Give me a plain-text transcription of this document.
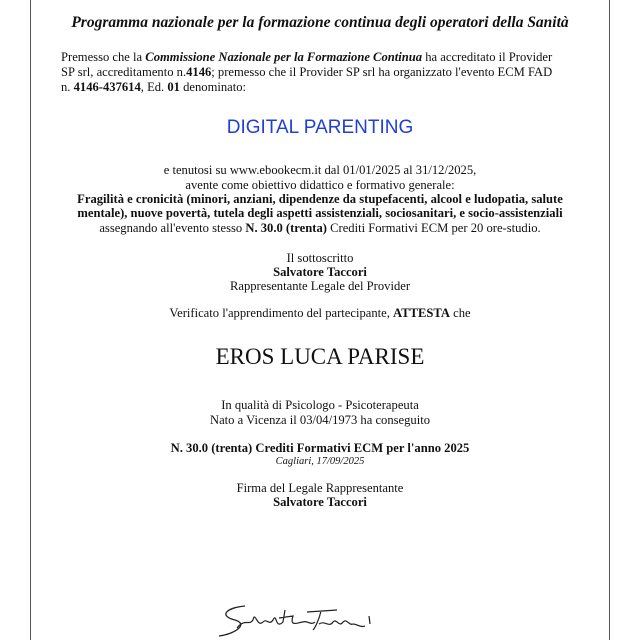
Programma nazionale per la formazione continua degli operatori della Sanità
Premesso che la Commissione Nazionale per la Formazione Continua ha accreditato il Provider
SP srl, accreditamento n.4146; premesso che il Provider SP srl ha organizzato l'evento ECM FAD
n. 4146-437614, Ed. 01 denominato:
DIGITAL PARENTING
e tenutosi su www.ebookecm.it dal 01/01/2025 al 31/12/2025,
avente come obiettivo didattico e formativo generale:
Fragilità e cronicità (minori, anziani, dipendenze da stupefacenti, alcool e ludopatia, salute
mentale), nuove povertà, tutela degli aspetti assistenziali, sociosanitari, e socio-assistenziali
assegnando all'evento stesso N. 30.0 (trenta) Crediti Formativi ECM per 20 ore-studio.
Il sottoscritto
Salvatore Taccori
Rappresentante Legale del Provider
Verificato l'apprendimento del partecipante, ATTESTA che
EROS LUCA PARISE
In qualità di Psicologo - Psicoterapeuta
Nato a Vicenza il 03/04/1973 ha conseguito
N. 30.0 (trenta) Crediti Formativi ECM per l'anno 2025
Cagliari, 17/09/2025
Firma del Legale Rappresentante
Salvatore Taccori
